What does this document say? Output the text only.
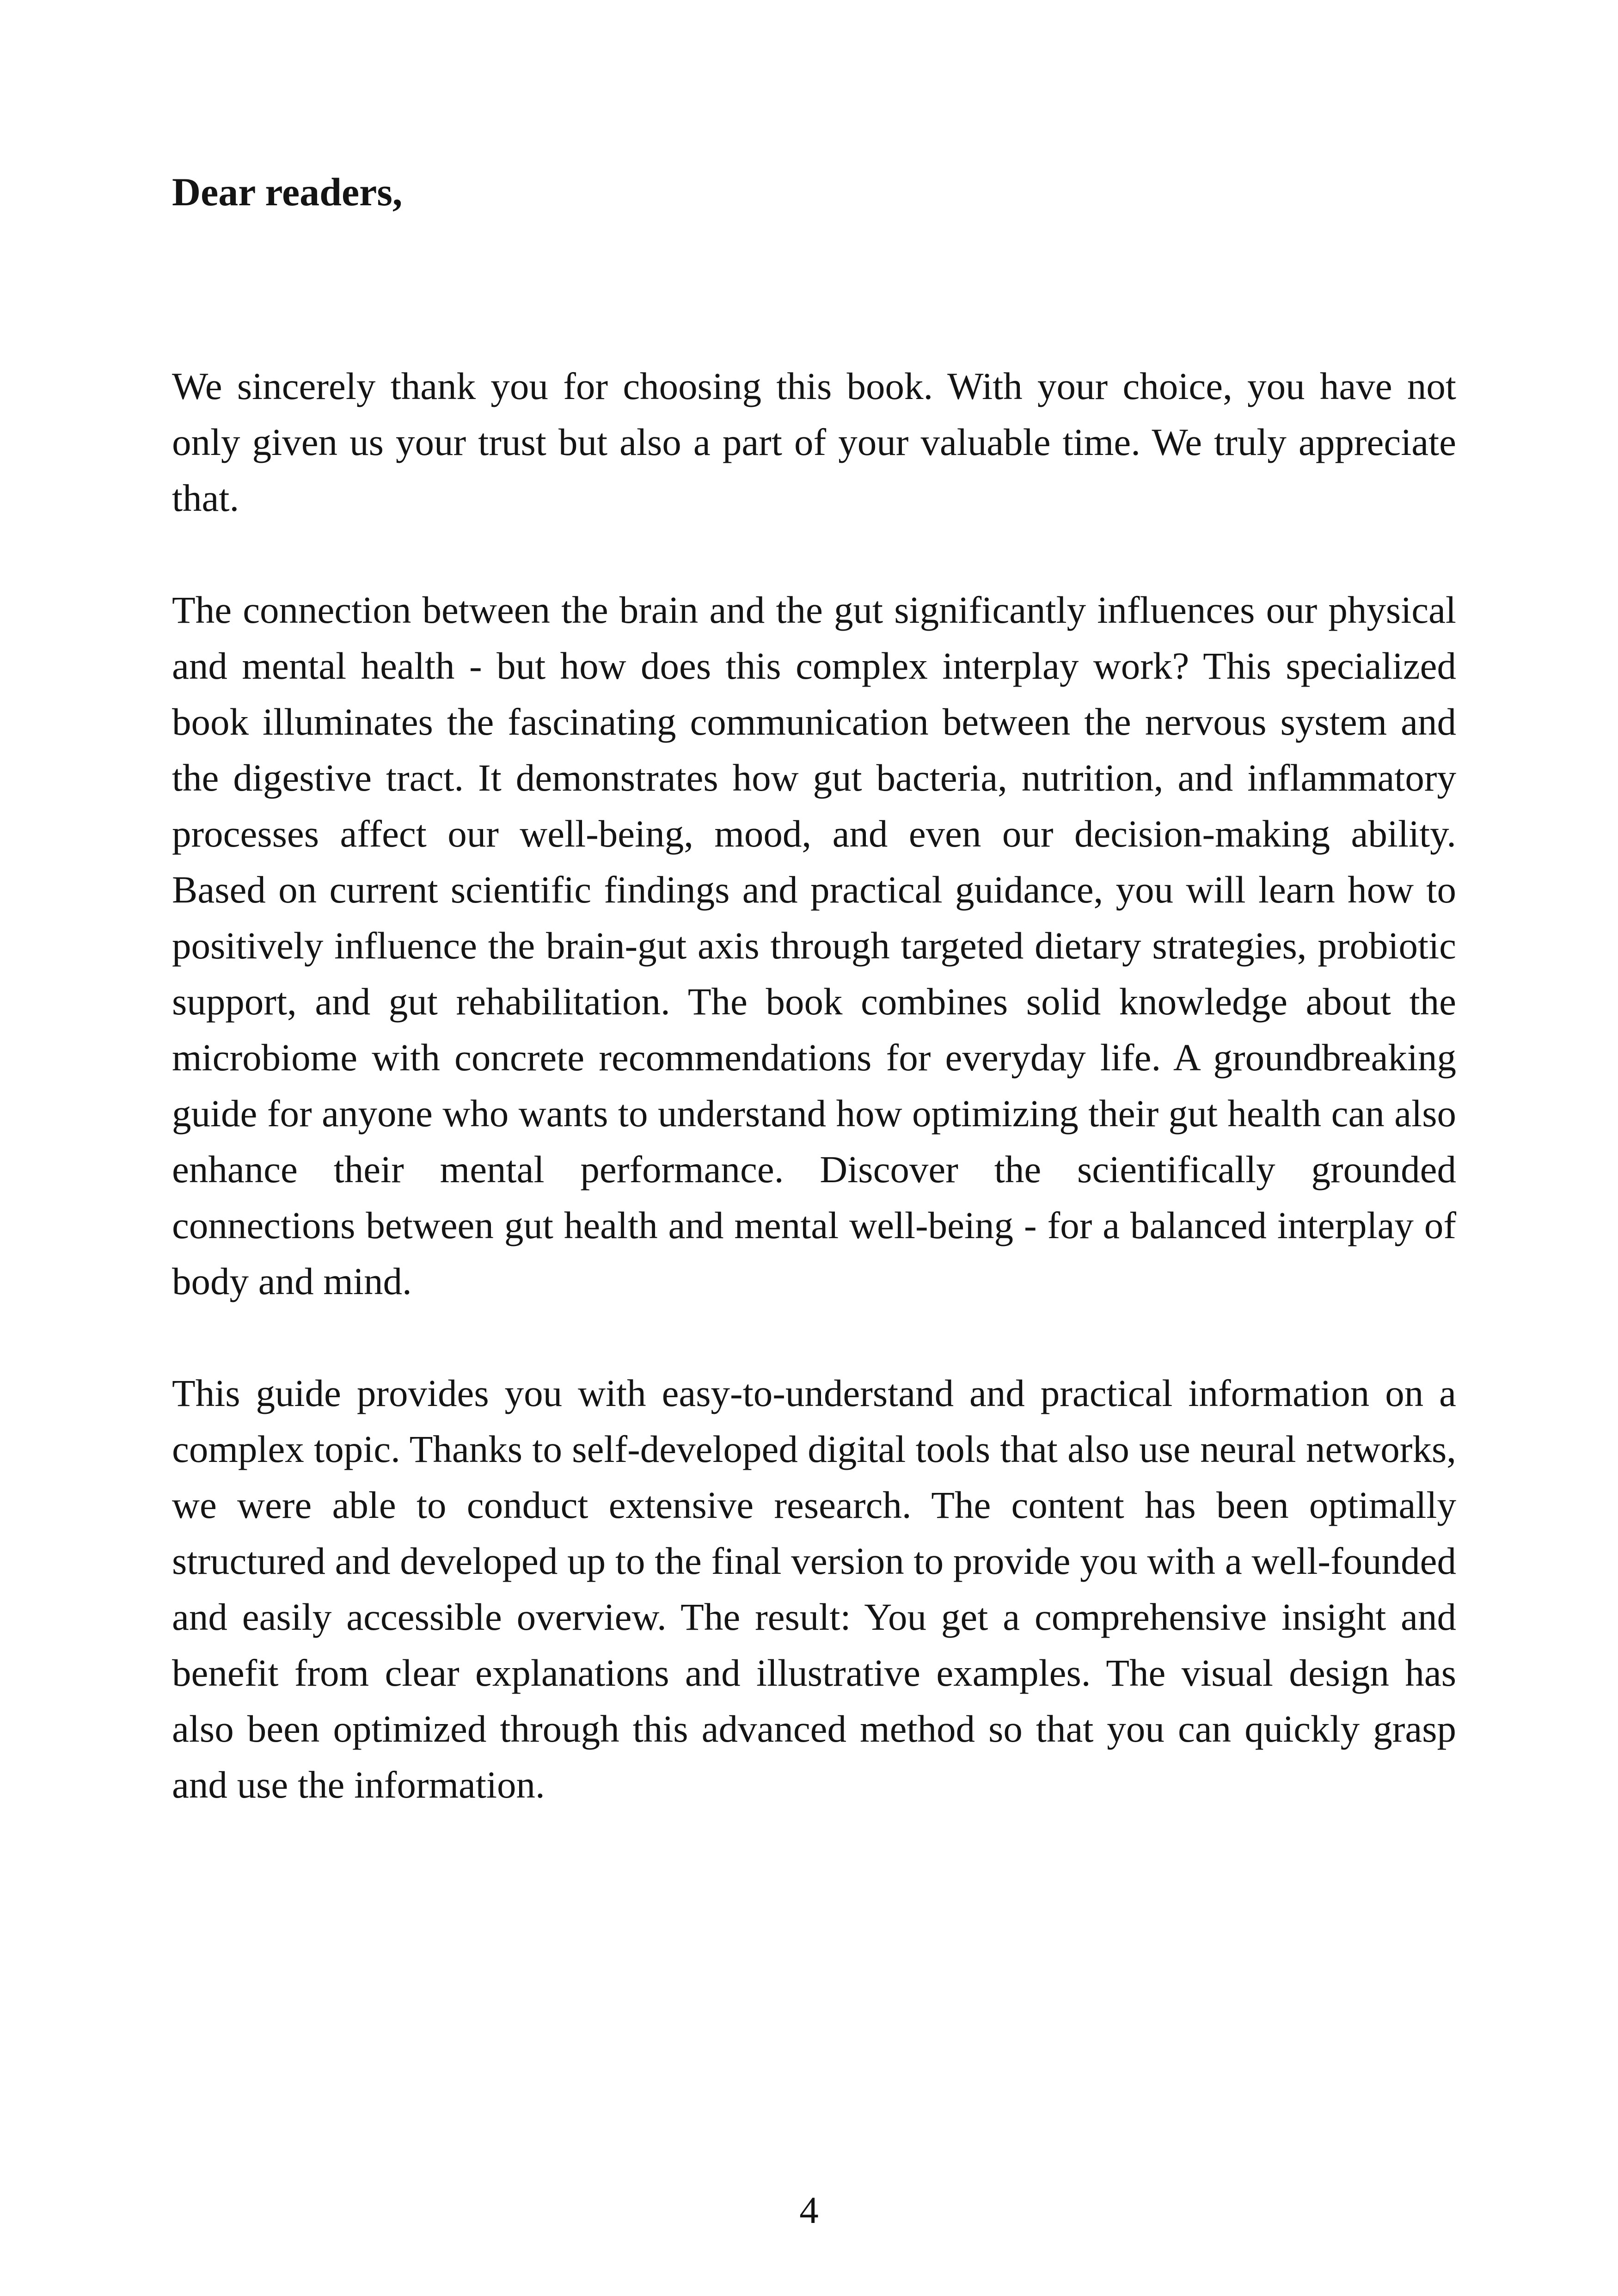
Dear readers,

We sincerely thank you for choosing this book. With your choice, you have not only given us your trust but also a part of your valuable time. We truly appreciate that.

The connection between the brain and the gut significantly influences our physical and mental health - but how does this complex interplay work? This specialized book illuminates the fascinating communication between the nervous system and the digestive tract. It demonstrates how gut bacteria, nutrition, and inflammatory processes affect our well-being, mood, and even our decision-making ability. Based on current scientific findings and practical guidance, you will learn how to positively influence the brain-gut axis through targeted dietary strategies, probiotic support, and gut rehabilitation. The book combines solid knowledge about the microbiome with concrete recommendations for everyday life. A groundbreaking guide for anyone who wants to understand how optimizing their gut health can also enhance their mental performance. Discover the scientifically grounded connections between gut health and mental well-being - for a balanced interplay of body and mind.

This guide provides you with easy-to-understand and practical information on a complex topic. Thanks to self-developed digital tools that also use neural networks, we were able to conduct extensive research. The content has been optimally structured and developed up to the final version to provide you with a well-founded and easily accessible overview. The result: You get a comprehensive insight and benefit from clear explanations and illustrative examples. The visual design has also been optimized through this advanced method so that you can quickly grasp and use the information.

4
